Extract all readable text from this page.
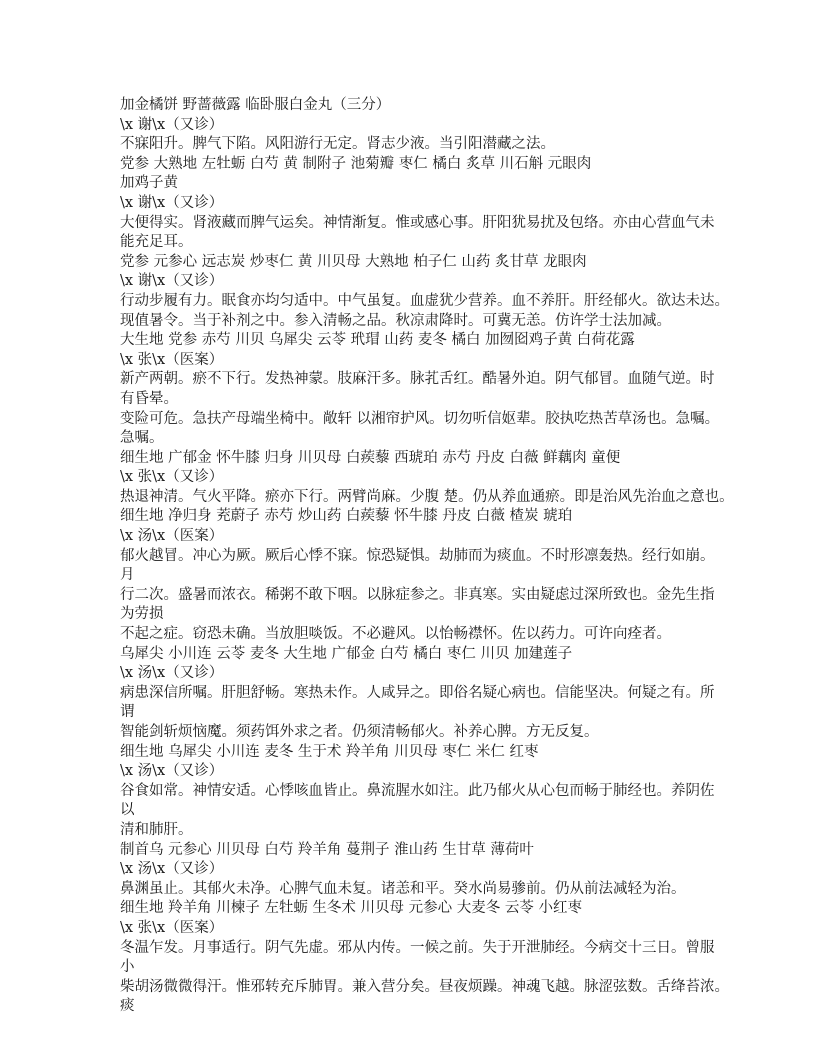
加金橘饼 野蔷薇露 临卧服白金丸（三分）
\x 谢\x（又诊）
不寐阳升。脾气下陷。风阳游行无定。肾志少液。当引阳潜藏之法。
党参 大熟地 左牡蛎 白芍 黄 制附子 池菊瓣 枣仁 橘白 炙草 川石斛 元眼肉
加鸡子黄
\x 谢\x（又诊）
大便得实。肾液藏而脾气运矣。神情渐复。惟或感心事。肝阳犹易扰及包络。亦由心营血气未
能充足耳。
党参 元参心 远志炭 炒枣仁 黄 川贝母 大熟地 柏子仁 山药 炙甘草 龙眼肉
\x 谢\x（又诊）
行动步履有力。眠食亦均匀适中。中气虽复。血虚犹少营养。血不养肝。肝经郁火。欲达未达。
现值暑令。当于补剂之中。参入清畅之品。秋凉肃降时。可冀无恙。仿许学士法加减。
大生地 党参 赤芍 川贝 乌犀尖 云苓 玳瑁 山药 麦冬 橘白 加囫囵鸡子黄 白荷花露
\x 张\x（医案）
新产两朝。瘀不下行。发热神蒙。肢麻汗多。脉芤舌红。酷暑外迫。阴气郁冒。血随气逆。时
有昏晕。
变险可危。急扶产母端坐椅中。敞轩 以湘帘护风。切勿听信妪辈。胶执吃热苦草汤也。急嘱。
急嘱。
细生地 广郁金 怀牛膝 归身 川贝母 白蒺藜 西琥珀 赤芍 丹皮 白薇 鲜藕肉 童便
\x 张\x（又诊）
热退神清。气火平降。瘀亦下行。两臂尚麻。少腹 楚。仍从养血通瘀。即是治风先治血之意也。
细生地 净归身 茺蔚子 赤芍 炒山药 白蒺藜 怀牛膝 丹皮 白薇 楂炭 琥珀
\x 汤\x（医案）
郁火越冒。冲心为厥。厥后心悸不寐。惊恐疑惧。劫肺而为痰血。不时形凛轰热。经行如崩。
月
行二次。盛暑而浓衣。稀粥不敢下咽。以脉症参之。非真寒。实由疑虑过深所致也。金先生指
为劳损
不起之症。窃恐未确。当放胆啖饭。不必避风。以怡畅襟怀。佐以药力。可许向痊者。
乌犀尖 小川连 云苓 麦冬 大生地 广郁金 白芍 橘白 枣仁 川贝 加建莲子
\x 汤\x（又诊）
病患深信所嘱。肝胆舒畅。寒热未作。人咸异之。即俗名疑心病也。信能坚决。何疑之有。所
谓
智能剑斩烦恼魔。须药饵外求之者。仍须清畅郁火。补养心脾。方无反复。
细生地 乌犀尖 小川连 麦冬 生于术 羚羊角 川贝母 枣仁 米仁 红枣
\x 汤\x（又诊）
谷食如常。神情安适。心悸咳血皆止。鼻流腥水如注。此乃郁火从心包而畅于肺经也。养阴佐
以
清和肺肝。
制首乌 元参心 川贝母 白芍 羚羊角 蔓荆子 淮山药 生甘草 薄荷叶
\x 汤\x（又诊）
鼻渊虽止。其郁火未净。心脾气血未复。诸恙和平。癸水尚易骖前。仍从前法减轻为治。
细生地 羚羊角 川楝子 左牡蛎 生冬术 川贝母 元参心 大麦冬 云苓 小红枣
\x 张\x（医案）
冬温乍发。月事适行。阴气先虚。邪从内传。一候之前。失于开泄肺经。今病交十三日。曾服
小
柴胡汤微微得汗。惟邪转充斥肺胃。兼入营分矣。昼夜烦躁。神魂飞越。脉涩弦数。舌绛苔浓。
痰
